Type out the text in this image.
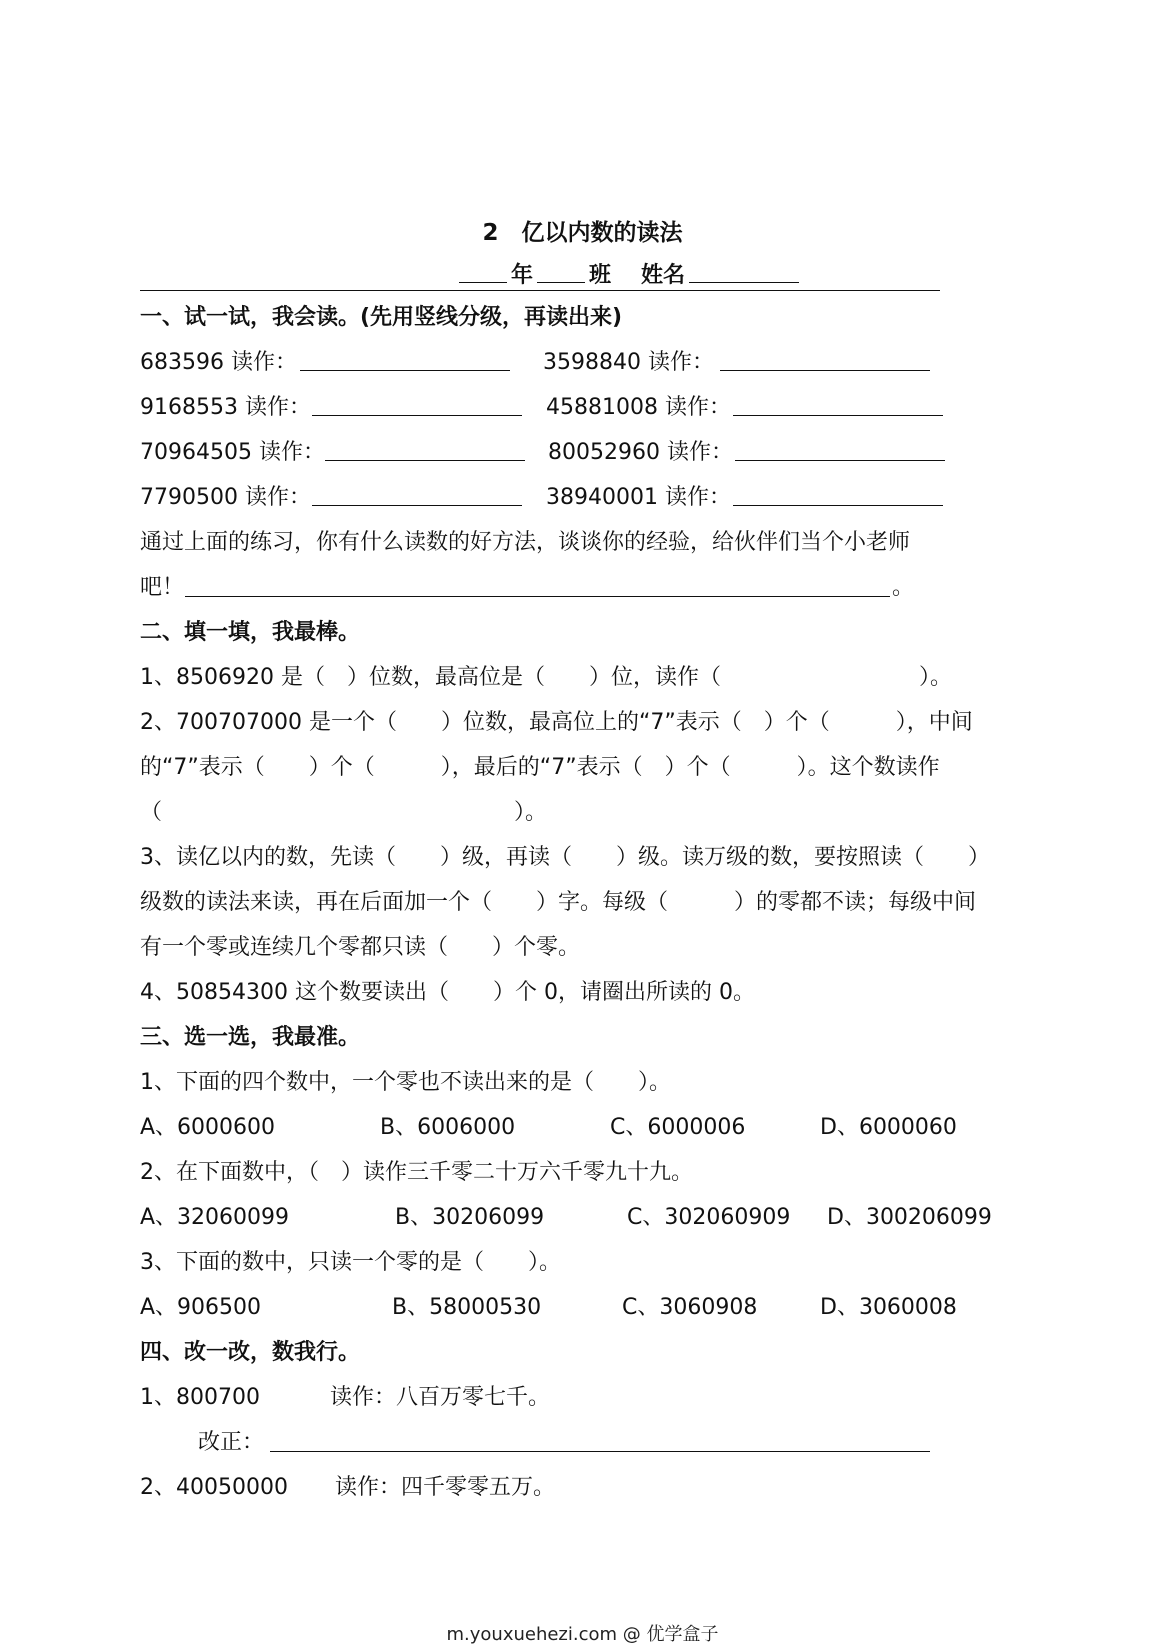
2　亿以内数的读法
年	班 姓名
一、试一试，我会读。(先用竖线分级，再读出来)
683596 读作：	3598840 读作：
9168553 读作：	45881008 读作：
70964505 读作：	80052960 读作：
7790500 读作：	38940001 读作：
通过上面的练习，你有什么读数的好方法，谈谈你的经验，给伙伴们当个小老师
吧！	。
二、填一填，我最棒。
1、8506920 是（　）位数，最高位是（　　）位，读作（　　　　　　　　　）。
2、700707000 是一个（　　）位数，最高位上的“7”表示（　）个（　　　），中间
的“7”表示（　　）个（　　　），最后的“7”表示（　）个（　　　）。这个数读作
（　　　　　　　　　　　　　　　　）。
3、读亿以内的数，先读（　　）级，再读（　　）级。读万级的数，要按照读（　　）
级数的读法来读，再在后面加一个（　　）字。每级（　　　）的零都不读；每级中间
有一个零或连续几个零都只读（　　）个零。
4、50854300 这个数要读出（　　）个 0，请圈出所读的 0。
三、选一选，我最准。
1、下面的四个数中，一个零也不读出来的是（　　）。
A、6000600	B、6006000	C、6000006	D、6000060
2、在下面数中，（　）读作三千零二十万六千零九十九。
A、32060099	B、30206099	C、302060909 D、300206099
3、下面的数中，只读一个零的是（　　）。
A、906500	B、58000530	C、3060908	D、3060008
四、改一改，数我行。
1、800700	读作：八百万零七千。
改正：
2、40050000 读作：四千零零五万。
m.youxuehezi.com @ 优学盒子
